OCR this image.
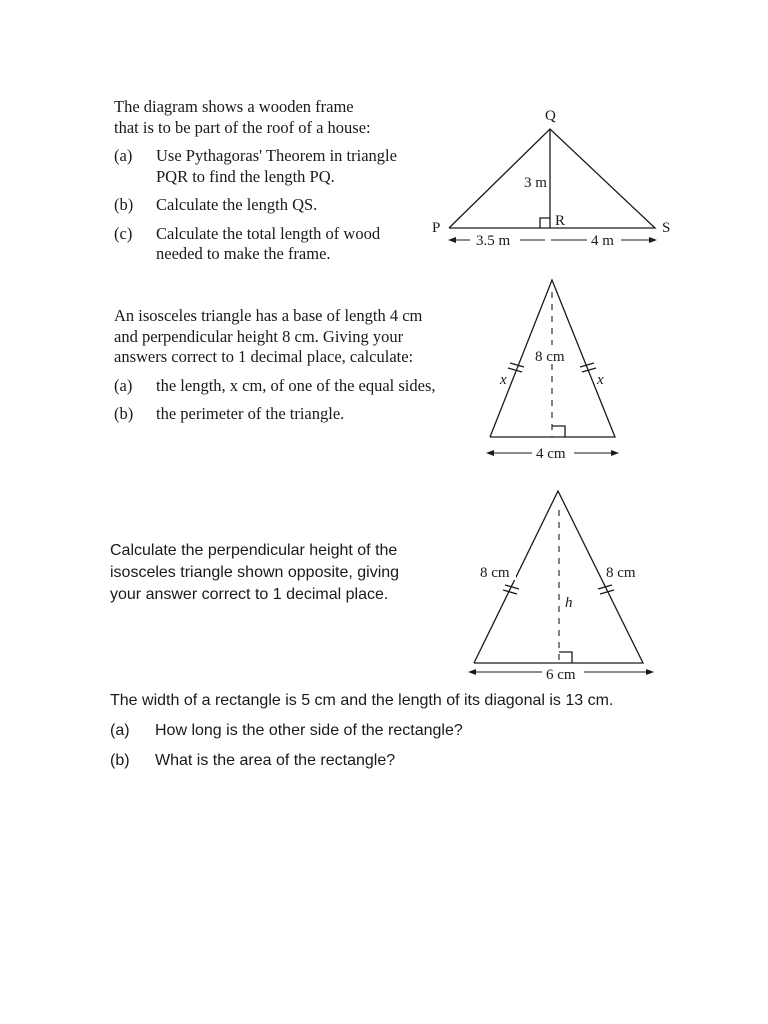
The diagram shows a wooden frame

that is to be part of the roof of a house:

(a)	Use Pythagoras' Theorem in triangle
PQR to find the length PQ.
(b)	Calculate the length QS.
(c)	Calculate the total length of wood
needed to make the frame.
Q
P	R	S
3 m
3.5 m	4 m
8 cm
x	x
4 cm
8 cm	8 cm
h
6 cm

An isosceles triangle has a base of length 4 cm

and perpendicular height 8 cm. Giving your

answers correct to 1 decimal place, calculate:

(a)	the length, x cm, of one of the equal sides,
(b)	the perimeter of the triangle.

Calculate the perpendicular height of the

isosceles triangle shown opposite, giving

your answer correct to 1 decimal place.

The width of a rectangle is 5 cm and the length of its diagonal is 13 cm.

(a)	How long is the other side of the rectangle?
(b)	What is the area of the rectangle?
